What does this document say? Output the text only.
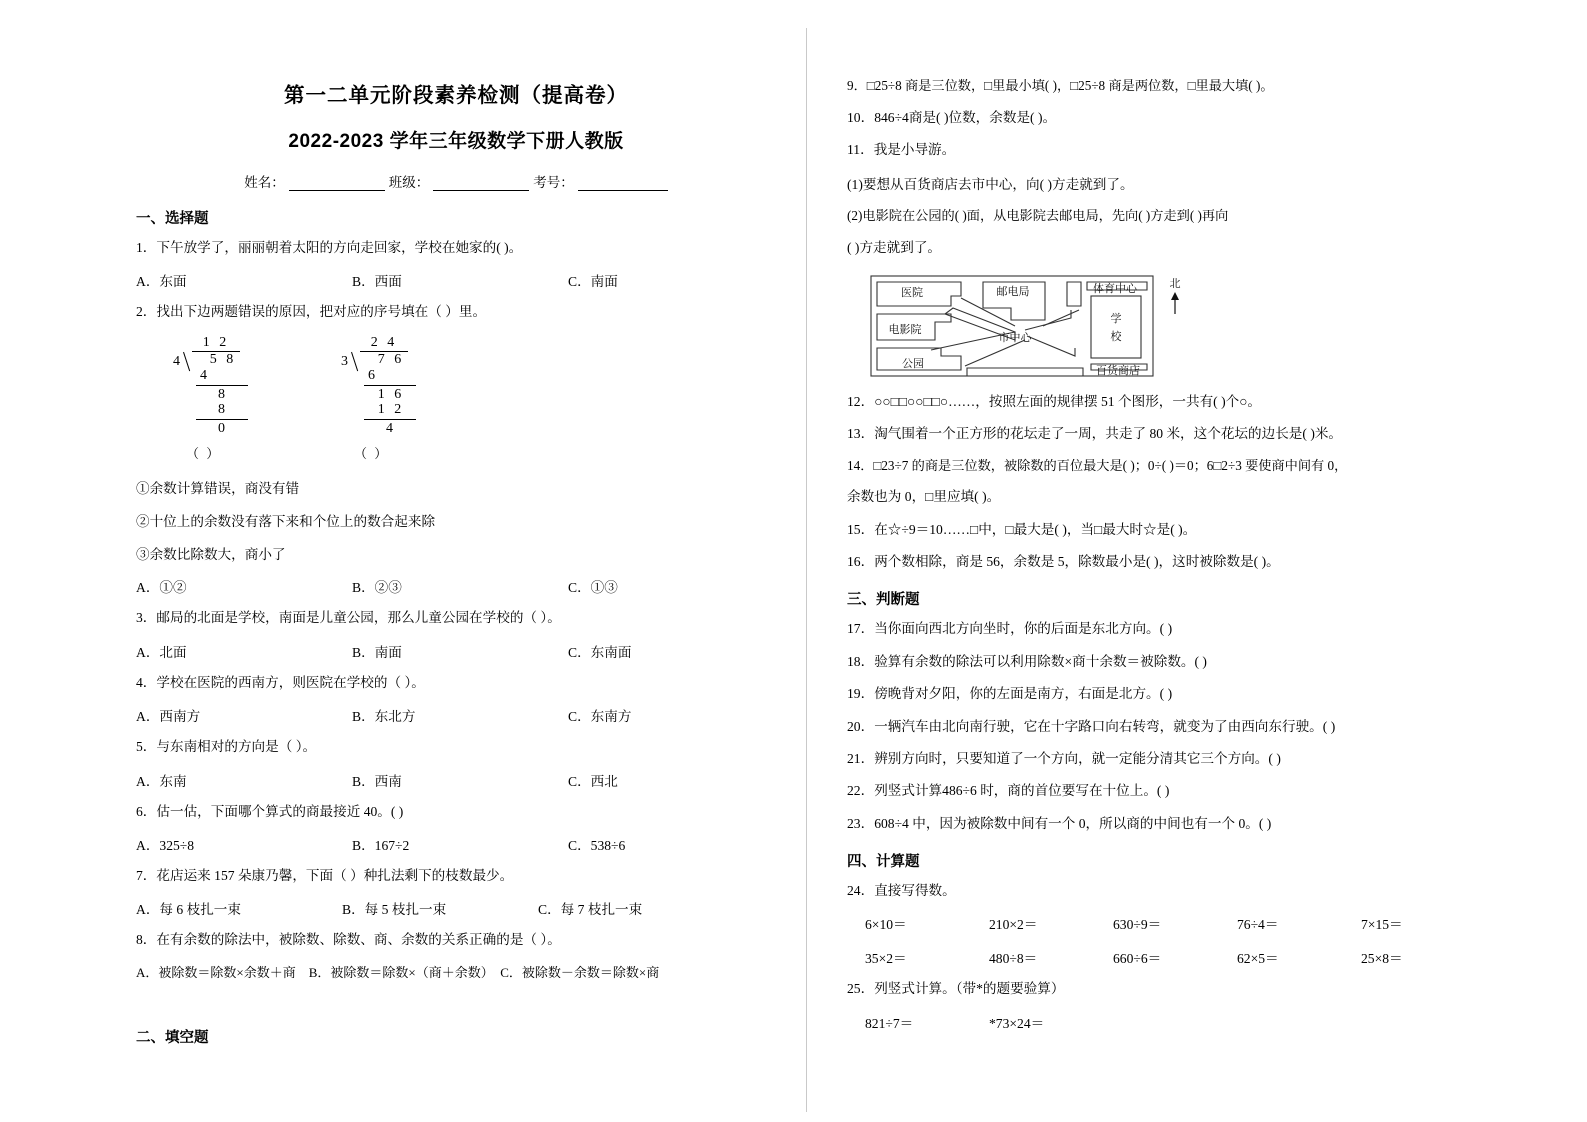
第一二单元阶段素养检测（提高卷）
2022-2023 学年三年级数学下册人教版
姓名：	班级：	考号：
一、选择题
1．下午放学了，丽丽朝着太阳的方向走回家，学校在她家的( )。
A．东面	B．西面	C．南面
2．找出下边两题错误的原因，把对应的序号填在（ ）里。
1 2
4	5 8
4
8
8
0
（ ）
2 4
3	7 6
6
1 6
1 2
4
（ ）
①余数计算错误，商没有错
②十位上的余数没有落下来和个位上的数合起来除
③余数比除数大，商小了
A．①②	B．②③	C．①③
3．邮局的北面是学校，南面是儿童公园，那么儿童公园在学校的（ ）。
A．北面	B．南面	C．东南面
4．学校在医院的西南方，则医院在学校的（ ）。
A．西南方	B．东北方	C．东南方
5．与东南相对的方向是（ ）。
A．东南	B．西南	C．西北
6．估一估，下面哪个算式的商最接近 40。( )
A．325÷8	B．167÷2	C．538÷6
7．花店运来 157 朵康乃馨，下面（ ）种扎法剩下的枝数最少。
A．每 6 枝扎一束	B．每 5 枝扎一束	C．每 7 枝扎一束
8．在有余数的除法中，被除数、除数、商、余数的关系正确的是（ ）。
A．被除数＝除数×余数＋商　B．被除数＝除数×（商＋余数）　C．被除数－余数＝除数×商
二、填空题
9．□25÷8 商是三位数，□里最小填( )，□25÷8 商是两位数，□里最大填( )。
10．846÷4商是( )位数，余数是( )。
11．我是小导游。
(1)要想从百货商店去市中心，向( )方走就到了。
(2)电影院在公园的( )面，从电影院去邮电局，先向( )方走到( )再向
( )方走就到了。
医院	邮电局	体育中心
电影院
市中心
公园
百货商店
学
校
北
12．○○□□○○□□○……，按照左面的规律摆 51 个图形，一共有( )个○。
13．淘气围着一个正方形的花坛走了一周，共走了 80 米，这个花坛的边长是( )米。
14．□23÷7 的商是三位数，被除数的百位最大是( )；0÷( )＝0；6□2÷3 要使商中间有 0，
余数也为 0，□里应填( )。
15．在☆÷9＝10……□中，□最大是( )，当□最大时☆是( )。
16．两个数相除，商是 56，余数是 5，除数最小是( )，这时被除数是( )。
三、判断题
17．当你面向西北方向坐时，你的后面是东北方向。( )
18．验算有余数的除法可以利用除数×商十余数＝被除数。( )
19．傍晚背对夕阳，你的左面是南方，右面是北方。( )
20．一辆汽车由北向南行驶，它在十字路口向右转弯，就变为了由西向东行驶。( )
21．辨别方向时，只要知道了一个方向，就一定能分清其它三个方向。( )
22．列竖式计算486÷6 时，商的首位要写在十位上。( )
23．608÷4 中，因为被除数中间有一个 0，所以商的中间也有一个 0。( )
四、计算题
24．直接写得数。
6×10＝	210×2＝	630÷9＝	76÷4＝	7×15＝
35×2＝	480÷8＝	660÷6＝	62×5＝	25×8＝
25．列竖式计算。（带*的题要验算）
821÷7＝	*73×24＝
